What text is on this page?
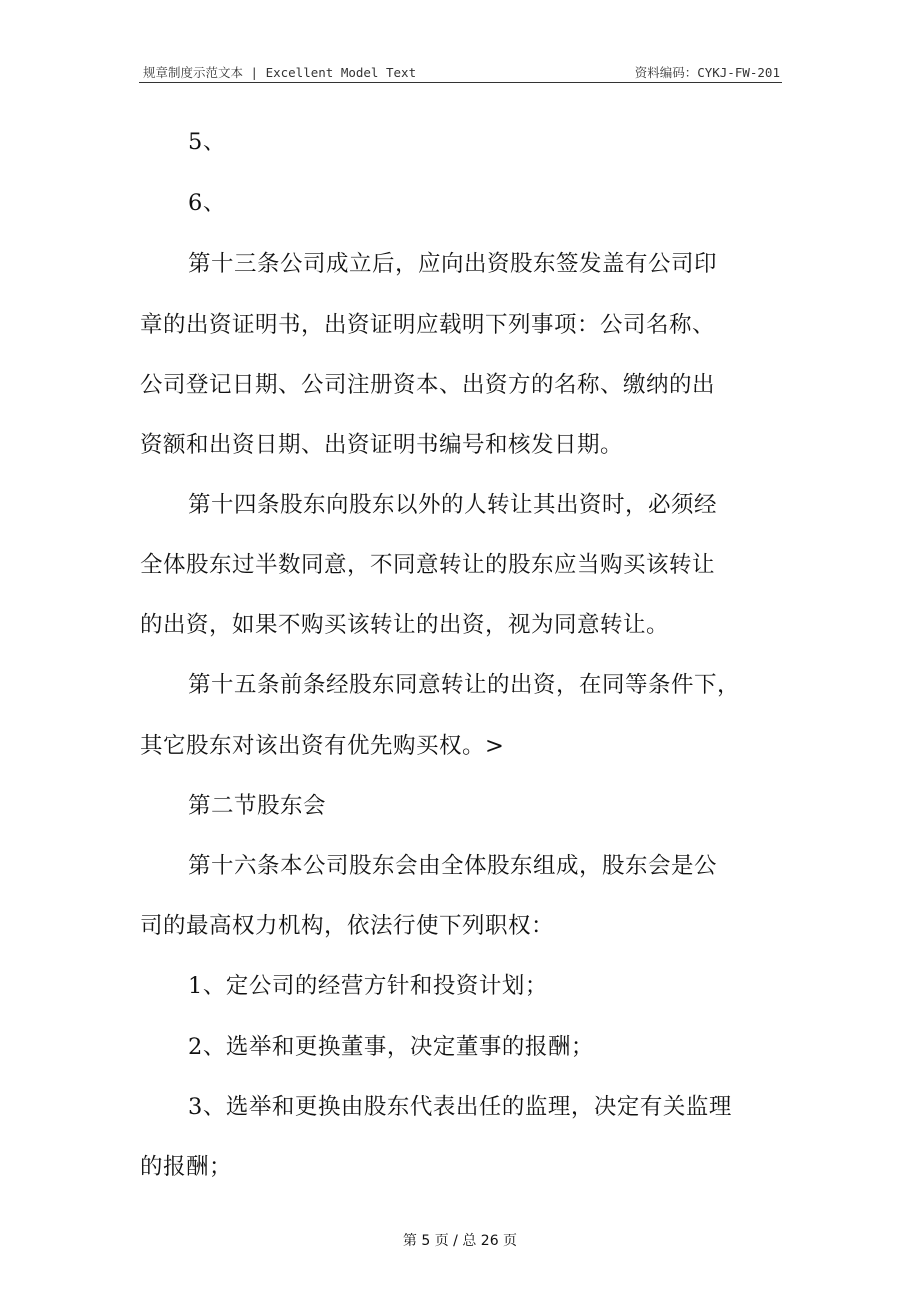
规章制度示范文本 | Excellent Model Text	资料编码：CYKJ-FW-201
5、
6、
第十三条公司成立后，应向出资股东签发盖有公司印
章的出资证明书，出资证明应载明下列事项：公司名称、
公司登记日期、公司注册资本、出资方的名称、缴纳的出
资额和出资日期、出资证明书编号和核发日期。
第十四条股东向股东以外的人转让其出资时，必须经
全体股东过半数同意，不同意转让的股东应当购买该转让
的出资，如果不购买该转让的出资，视为同意转让。
第十五条前条经股东同意转让的出资，在同等条件下，
其它股东对该出资有优先购买权。>
第二节股东会
第十六条本公司股东会由全体股东组成，股东会是公
司的最高权力机构，依法行使下列职权：
1、定公司的经营方针和投资计划；
2、选举和更换董事，决定董事的报酬；
3、选举和更换由股东代表出任的监理，决定有关监理
的报酬；
第 5 页 / 总 26 页
